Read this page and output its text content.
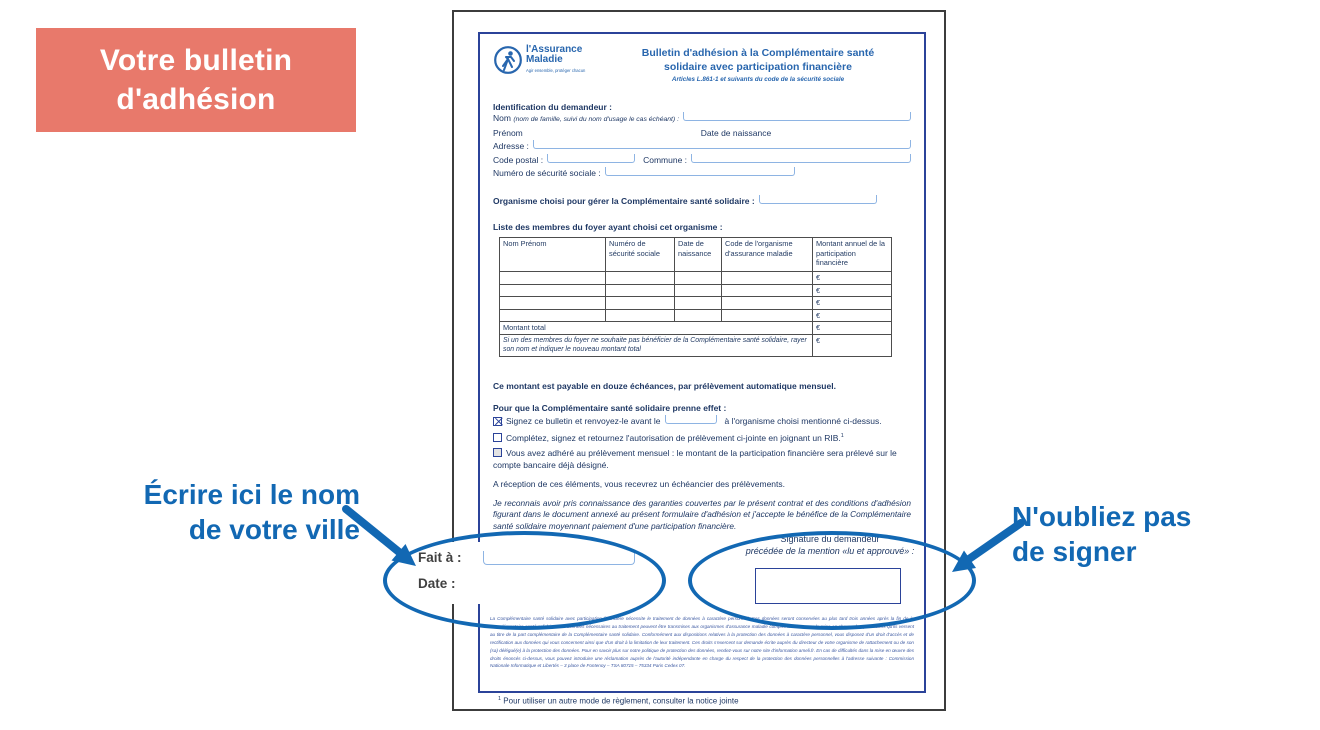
Votre bulletin
d'adhésion
Écrire ici le nom
de votre ville	N'oubliez pas
de signer
l'Assurance
Maladie
Agir ensemble, protéger chacun
Bulletin d'adhésion à la Complémentaire santé
solidaire avec participation financière
Articles L.861-1 et suivants du code de la sécurité sociale
Identification du demandeur :
Nom
(nom de famille, suivi du nom d'usage le cas échéant) :
Prénom	Date de naissance
Adresse :
Code postal :	Commune :
Numéro de sécurité sociale :
Organisme choisi pour gérer la Complémentaire santé solidaire :
Liste des membres du foyer ayant choisi cet organisme :
Nom Prénom	Numéro de sécurité sociale	Date de naissance	Code de l'organisme d'assurance maladie	Montant annuel de la participation financière
				€
				€
				€
				€
Montant total				€
Si un des membres du foyer ne souhaite pas bénéficier de la Complémentaire santé solidaire, rayer son nom et indiquer le nouveau montant total				€
Ce montant est payable en douze échéances, par prélèvement automatique mensuel.
Pour que la Complémentaire santé solidaire prenne effet :
Signez ce bulletin et renvoyez-le avant le	à l'organisme choisi mentionné ci-dessus.
Complétez, signez et retournez l'autorisation de prélèvement ci-jointe en joignant un RIB.$^1$
Vous avez adhéré au prélèvement mensuel : le montant de la participation financière sera prélevé sur le compte bancaire déjà désigné.
A réception de ces éléments, vous recevrez un échéancier des prélèvements.
Je reconnais avoir pris connaissance des garanties couvertes par le présent contrat et des conditions d'adhésion figurant dans le document annexé au présent formulaire d'adhésion et j'accepte le bénéfice de la Complémentaire santé solidaire moyennant paiement d'une participation financière.
La Complémentaire santé solidaire avec participation financière nécessite le traitement de données à caractère personnel. Ces données seront conservées au plus tard trois années après la fin de la Complémentaire santé solidaire. Les données nécessaires au traitement peuvent être transmises aux organismes d'assurance maladie complémentaire, pour la prise en charge des prestations qu'ils versent au titre de la part complémentaire de la Complémentaire santé solidaire. Conformément aux dispositions relatives à la protection des données à caractère personnel, vous disposez d'un droit d'accès et de rectification aux données qui vous concernent ainsi que d'un droit à la limitation de leur traitement. Ces droits s'exercent sur demande écrite auprès du directeur de votre organisme de rattachement ou de son (sa) délégué(e) à la protection des données. Pour en savoir plus sur notre politique de protection des données, rendez-vous sur notre site d'information ameli.fr. En cas de difficultés dans la mise en œuvre des droits énoncés ci-dessus, vous pouvez introduire une réclamation auprès de l'autorité indépendante en charge du respect de la protection des données personnelles à l'adresse suivante : Commission Nationale Informatique et Libertés – 3 place de Fontenoy – TSA 80715 – 75334 Paris Cedex 07.
$^1$ Pour utiliser un autre mode de règlement, consulter la notice jointe
Fait à :
Date :
Signature du demandeur
précédée de la mention «lu et approuvé» :
